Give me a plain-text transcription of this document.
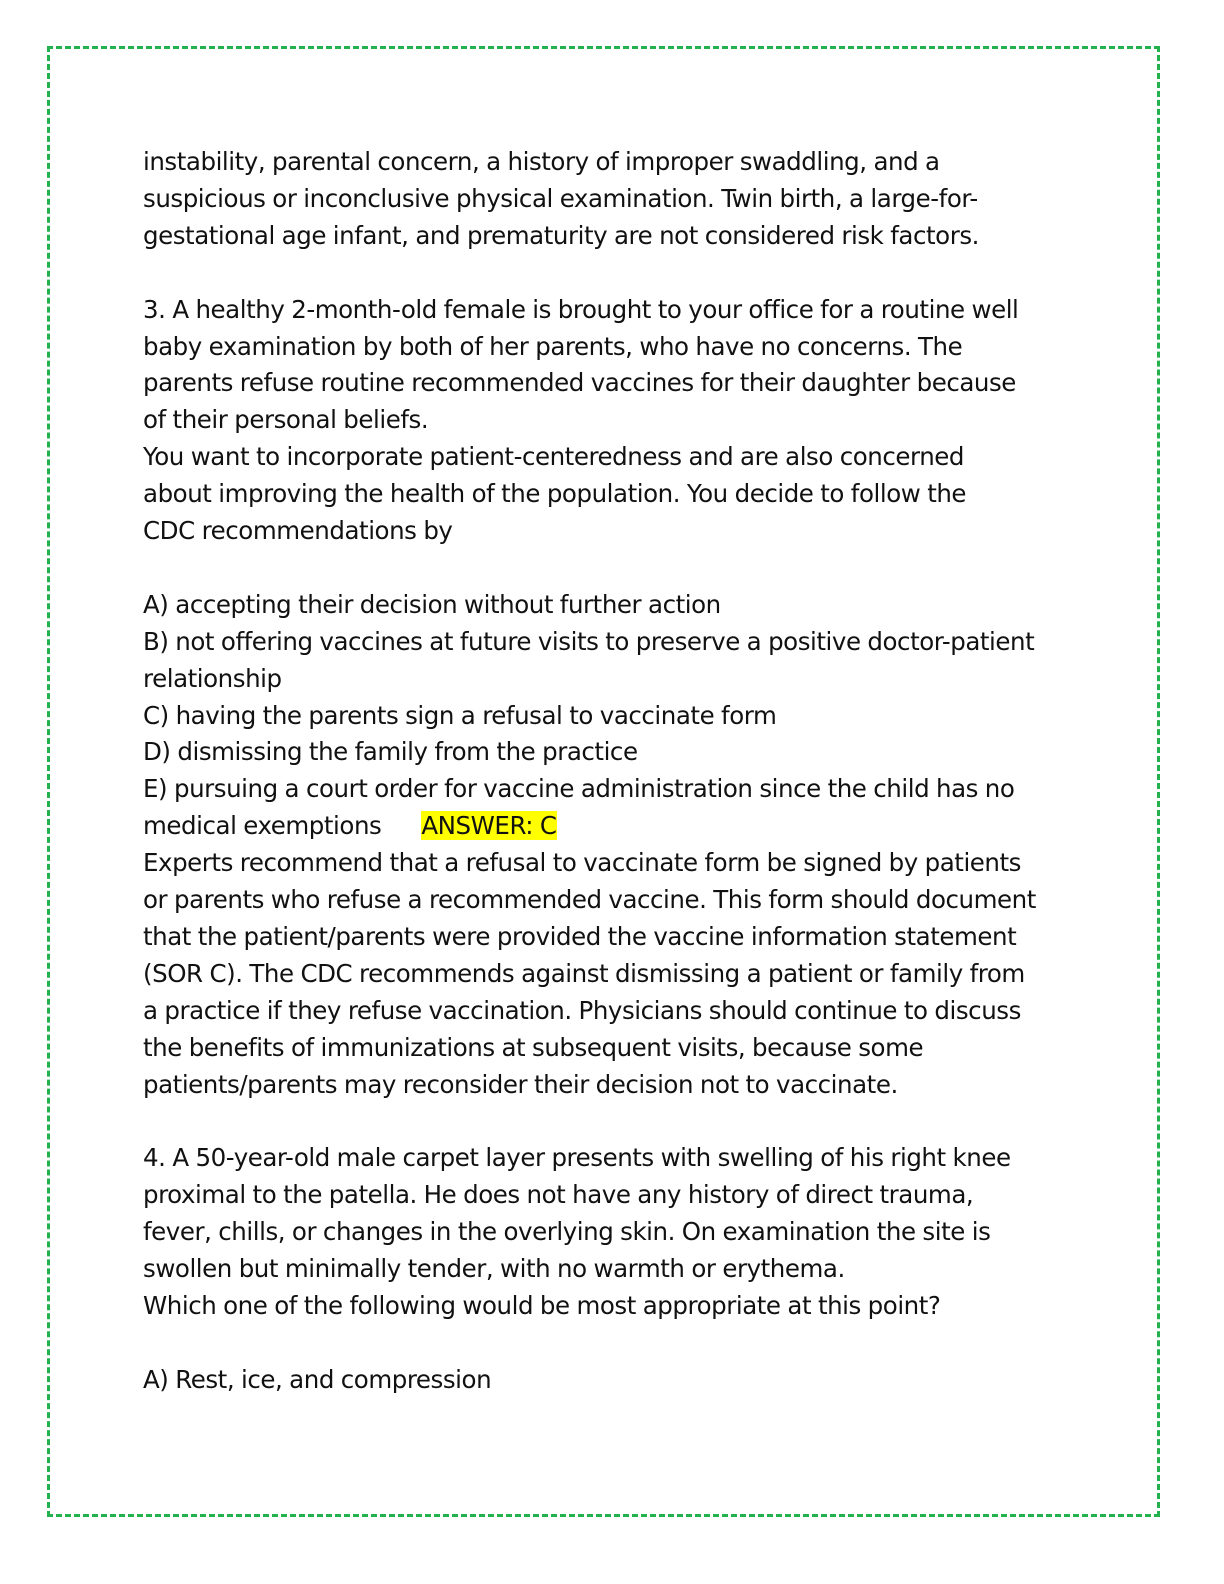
instability, parental concern, a history of improper swaddling, and a

suspicious or inconclusive physical examination. Twin birth, a large-for-

gestational age infant, and prematurity are not considered risk factors.

3. A healthy 2-month-old female is brought to your office for a routine well

baby examination by both of her parents, who have no concerns. The

parents refuse routine recommended vaccines for their daughter because

of their personal beliefs.

You want to incorporate patient-centeredness and are also concerned

about improving the health of the population. You decide to follow the

CDC recommendations by

A) accepting their decision without further action

B) not offering vaccines at future visits to preserve a positive doctor-patient

relationship

C) having the parents sign a refusal to vaccinate form

D) dismissing the family from the practice

E) pursuing a court order for vaccine administration since the child has no

medical exemptions ANSWER: C

Experts recommend that a refusal to vaccinate form be signed by patients

or parents who refuse a recommended vaccine. This form should document

that the patient/parents were provided the vaccine information statement

(SOR C). The CDC recommends against dismissing a patient or family from

a practice if they refuse vaccination. Physicians should continue to discuss

the benefits of immunizations at subsequent visits, because some

patients/parents may reconsider their decision not to vaccinate.

4. A 50-year-old male carpet layer presents with swelling of his right knee

proximal to the patella. He does not have any history of direct trauma,

fever, chills, or changes in the overlying skin. On examination the site is

swollen but minimally tender, with no warmth or erythema.

Which one of the following would be most appropriate at this point?

A) Rest, ice, and compression
